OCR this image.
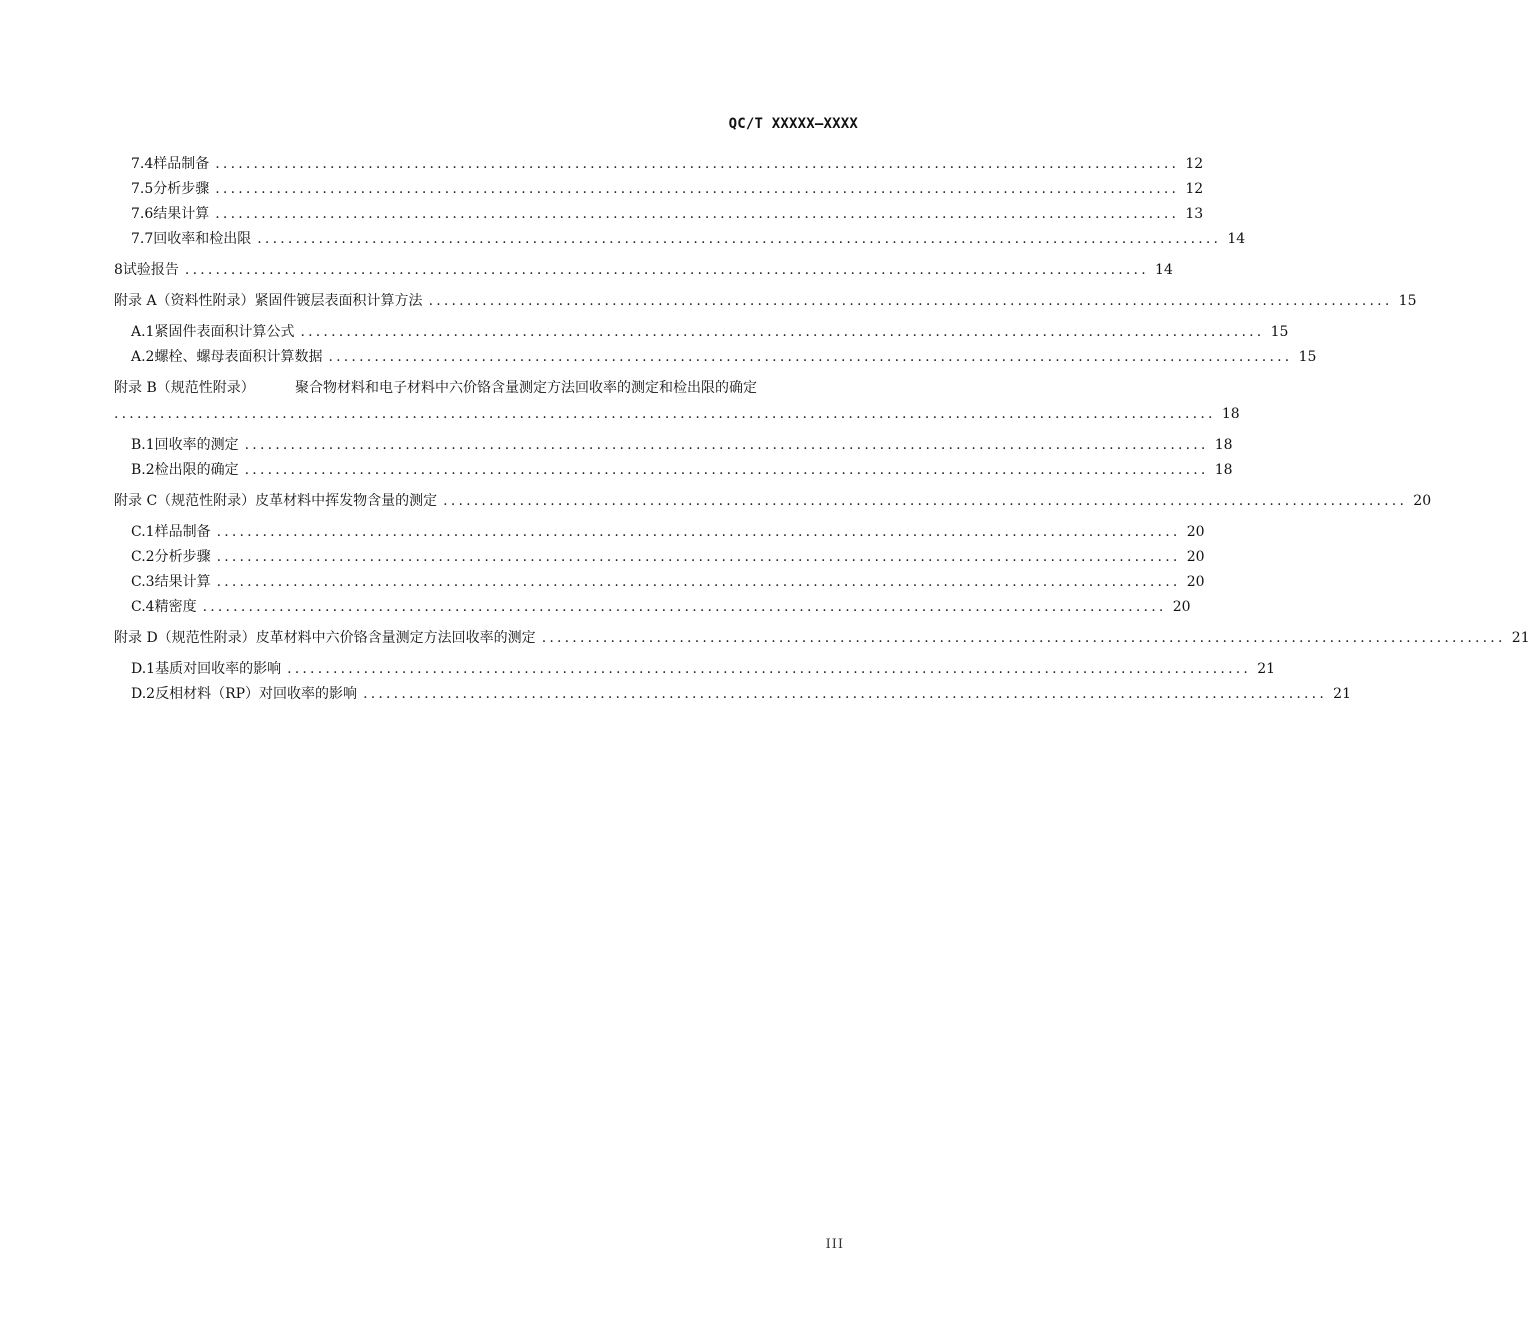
QC/T XXXXX—XXXX
7.4 样品制备 .............................................................................................................................. 12
7.5 分析步骤 .............................................................................................................................. 12
7.6 结果计算 .............................................................................................................................. 13
7.7 回收率和检出限 .............................................................................................................................. 14
8 试验报告 .............................................................................................................................. 14
附录 A（资料性附录） 紧固件镀层表面积计算方法 .............................................................................................................................. 15
A.1 紧固件表面积计算公式 .............................................................................................................................. 15
A.2 螺栓、螺母表面积计算数据 .............................................................................................................................. 15
附录 B（规范性附录）	聚合物材料和电子材料中六价铬含量测定方法回收率的测定和检出限的确定
................................................................................................................................................ 18
B.1 回收率的测定 .............................................................................................................................. 18
B.2 检出限的确定 .............................................................................................................................. 18
附录 C（规范性附录） 皮革材料中挥发物含量的测定 .............................................................................................................................. 20
C.1 样品制备 .............................................................................................................................. 20
C.2 分析步骤 .............................................................................................................................. 20
C.3 结果计算 .............................................................................................................................. 20
C.4 精密度 .............................................................................................................................. 20
附录 D（规范性附录） 皮革材料中六价铬含量测定方法回收率的测定 .............................................................................................................................. 21
D.1 基质对回收率的影响 .............................................................................................................................. 21
D.2 反相材料（RP）对回收率的影响 .............................................................................................................................. 21
III
